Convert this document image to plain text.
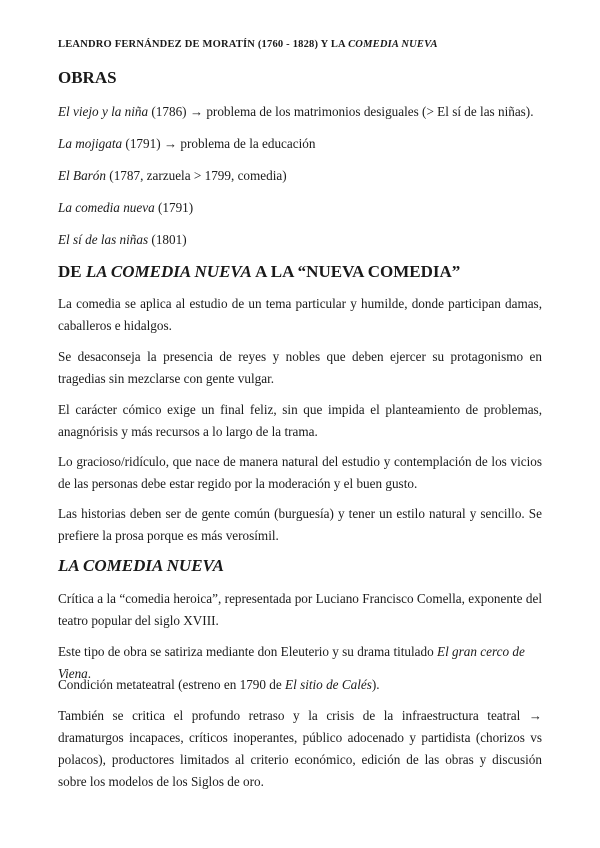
LEANDRO FERNÁNDEZ DE MORATÍN (1760 - 1828) Y LA COMEDIA NUEVA
OBRAS

El viejo y la niña (1786) → problema de los matrimonios desiguales (> El sí de las niñas).

La mojigata (1791) → problema de la educación

El Barón (1787, zarzuela > 1799, comedia)

La comedia nueva (1791)

El sí de las niñas (1801)

DE LA COMEDIA NUEVA A LA “NUEVA COMEDIA”

La comedia se aplica al estudio de un tema particular y humilde, donde participan damas, caballeros e hidalgos.

Se desaconseja la presencia de reyes y nobles que deben ejercer su protagonismo en tragedias sin mezclarse con gente vulgar.

El carácter cómico exige un final feliz, sin que impida el planteamiento de problemas, anagnórisis y más recursos a lo largo de la trama.

Lo gracioso/ridículo, que nace de manera natural del estudio y contemplación de los vicios de las personas debe estar regido por la moderación y el buen gusto.

Las historias deben ser de gente común (burguesía) y tener un estilo natural y sencillo. Se prefiere la prosa porque es más verosímil.

LA COMEDIA NUEVA

Crítica a la “comedia heroica”, representada por Luciano Francisco Comella, exponente del teatro popular del siglo XVIII.

Este tipo de obra se satiriza mediante don Eleuterio y su drama titulado El gran cerco de Viena.

Condición metateatral (estreno en 1790 de El sitio de Calés).

También se critica el profundo retraso y la crisis de la infraestructura teatral → dramaturgos incapaces, críticos inoperantes, público adocenado y partidista (chorizos vs polacos), productores limitados al criterio económico, edición de las obras y discusión sobre los modelos de los Siglos de oro.
